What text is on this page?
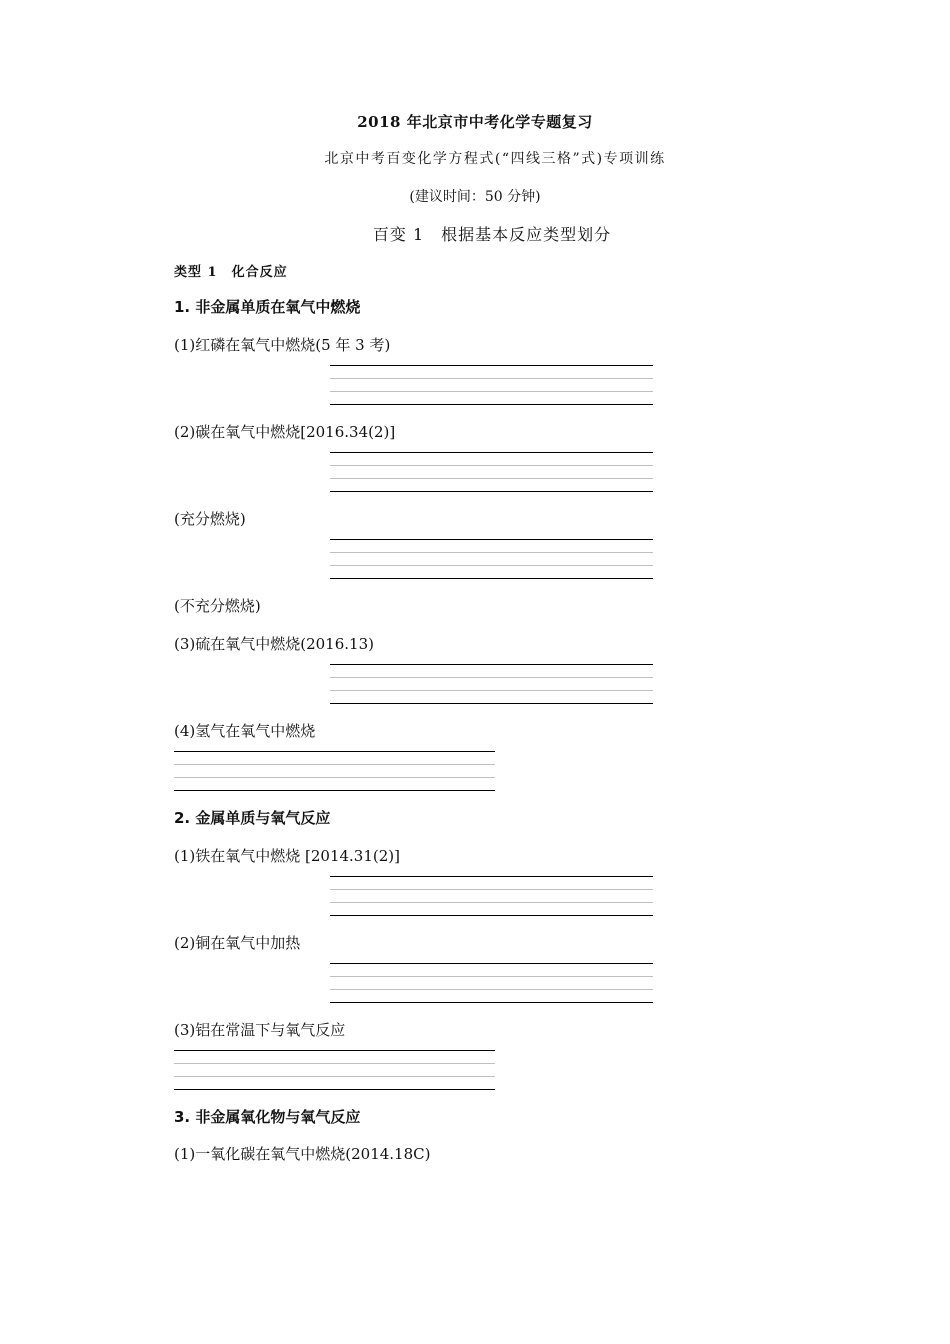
2018 年北京市中考化学专题复习
北京中考百变化学方程式(“四线三格”式)专项训练
(建议时间：50 分钟)
百变 1　根据基本反应类型划分
类型 1　化合反应
1. 非金属单质在氧气中燃烧
(1)红磷在氧气中燃烧(5 年 3 考)
(2)碳在氧气中燃烧[2016.34(2)]
(充分燃烧)
(不充分燃烧)
(3)硫在氧气中燃烧(2016.13)
(4)氢气在氧气中燃烧
2. 金属单质与氧气反应
(1)铁在氧气中燃烧 [2014.31(2)]
(2)铜在氧气中加热
(3)铝在常温下与氧气反应
3. 非金属氧化物与氧气反应
(1)一氧化碳在氧气中燃烧(2014.18C)
